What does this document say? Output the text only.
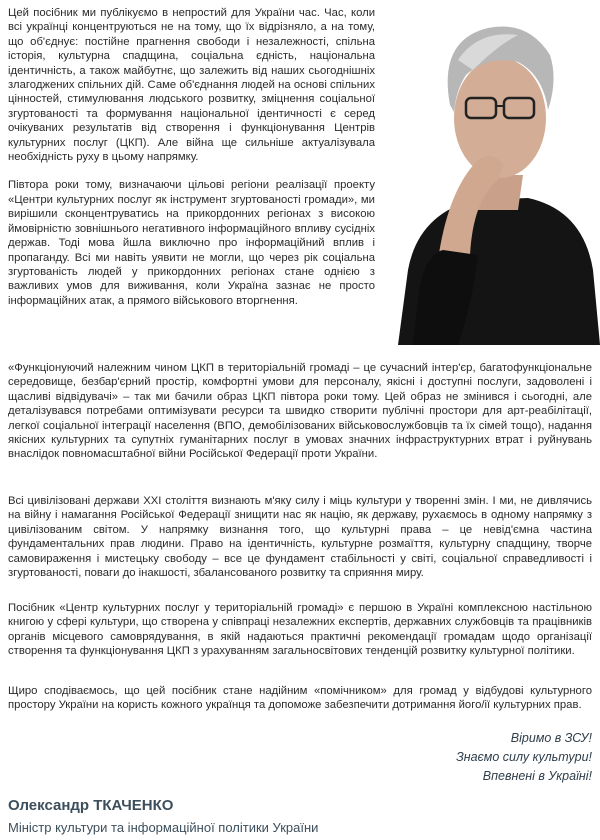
Цей посібник ми публікуємо в непростий для України час. Час, коли всі українці концентруються не на тому, що їх відрізняло, а на тому, що об'єднує: постійне прагнення свободи і незалежності, спільна історія, культурна спадщина, соціальна єдність, національна ідентичність, а також майбутнє, що залежить від наших сьогоднішніх злагоджених спільних дій. Саме об'єднання людей на основі спільних цінностей, стимулювання людського розвитку, зміцнення соціальної згуртованості та формування національної ідентичності є серед очікуваних результатів від створення і функціонування Центрів культурних послуг (ЦКП). Але війна ще сильніше актуалізувала необхідність руху в цьому напрямку.

Півтора роки тому, визначаючи цільові регіони реалізації проекту «Центри культурних послуг як інструмент згуртованості громади», ми вирішили сконцентруватись на прикордонних регіонах з високою ймовірністю зовнішнього негативного інформаційного впливу сусідніх держав. Тоді мова йшла виключно про інформаційний вплив і пропаганду. Всі ми навіть уявити не могли, що через рік соціальна згуртованість людей у прикордонних регіонах стане однією з важливих умов для виживання, коли Україна зазнає не просто інформаційних атак, а прямого військового вторгнення.

«Функціонуючий належним чином ЦКП в територіальній громаді – це сучасний інтер'єр, багатофункціональне середовище, безбар'єрний простір, комфортні умови для персоналу, якісні і доступні послуги, задоволені і щасливі відвідувачі» – так ми бачили образ ЦКП півтора роки тому. Цей образ не змінився і сьогодні, але деталізувався потребами оптимізувати ресурси та швидко створити публічні простори для арт-реабілітації, легкої соціальної інтеграції населення (ВПО, демобілізованих військовослужбовців та їх сімей тощо), надання якісних культурних та супутніх гуманітарних послуг в умовах значних інфраструктурних втрат і руйнувань внаслідок повномасштабної війни Російської Федерації проти України.

Всі цивілізовані держави XXI століття визнають м'яку силу і міць культури у творенні змін. І ми, не дивлячись на війну і намагання Російської Федерації знищити нас як націю, як державу, рухаємось в одному напрямку з цивілізованим світом. У напрямку визнання того, що культурні права – це невід'ємна частина фундаментальних прав людини. Право на ідентичність, культурне розмаїття, культурну спадщину, творче самовираження і мистецьку свободу – все це фундамент стабільності у світі, соціальної справедливості і згуртованості, поваги до інакшості, збалансованого розвитку та сприяння миру.

Посібник «Центр культурних послуг у територіальній громаді» є першою в Україні комплексною настільною книгою у сфері культури, що створена у співпраці незалежних експертів, державних службовців та працівників органів місцевого самоврядування, в якій надаються практичні рекомендації громадам щодо організації створення та функціонування ЦКП з урахуванням загальносвітових тенденцій розвитку культурної політики.

Щиро сподіваємось, що цей посібник стане надійним «помічником» для громад у відбудові культурного простору України на користь кожного українця та допоможе забезпечити дотримання його/ії культурних прав.

Віримо в ЗСУ!
Знаємо силу культури!
Впевнені в Україні!
Олександр ТКАЧЕНКО
Міністр культури та інформаційної політики України
